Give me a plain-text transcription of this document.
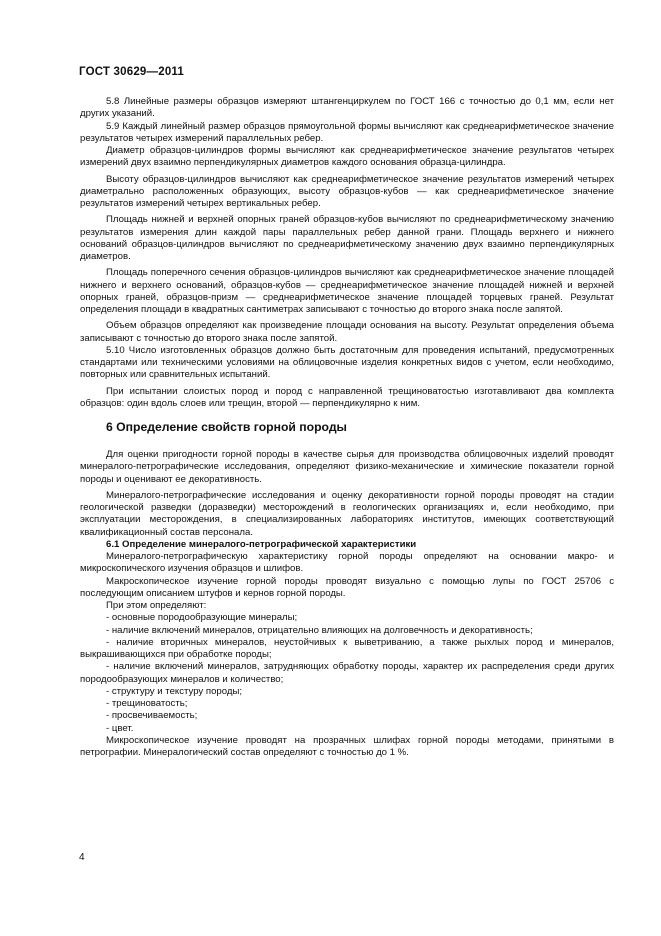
ГОСТ 30629—2011

5.8 Линейные размеры образцов измеряют штангенциркулем по ГОСТ 166 с точностью до 0,1 мм, если нет других указаний.

5.9 Каждый линейный размер образцов прямоугольной формы вычисляют как среднеарифметическое значение результатов четырех измерений параллельных ребер.

Диаметр образцов-цилиндров формы вычисляют как среднеарифметическое значение результатов четырех измерений двух взаимно перпендикулярных диаметров каждого основания образца-цилиндра.

Высоту образцов-цилиндров вычисляют как среднеарифметическое значение результатов измерений четырех диаметрально расположенных образующих, высоту образцов-кубов — как среднеарифметическое значение результатов измерений четырех вертикальных ребер.

Площадь нижней и верхней опорных граней образцов-кубов вычисляют по среднеарифметическому значению результатов измерения длин каждой пары параллельных ребер данной грани. Площадь верхнего и нижнего оснований образцов-цилиндров вычисляют по среднеарифметическому значению двух взаимно перпендикулярных диаметров.

Площадь поперечного сечения образцов-цилиндров вычисляют как среднеарифметическое значение площадей нижнего и верхнего оснований, образцов-кубов — среднеарифметическое значение площадей нижней и верхней опорных граней, образцов-призм — среднеарифметическое значение площадей торцевых граней. Результат определения площади в квадратных сантиметрах записывают с точностью до второго знака после запятой.

Объем образцов определяют как произведение площади основания на высоту. Результат определения объема записывают с точностью до второго знака после запятой.

5.10 Число изготовленных образцов должно быть достаточным для проведения испытаний, предусмотренных стандартами или техническими условиями на облицовочные изделия конкретных видов с учетом, если необходимо, повторных или сравнительных испытаний.

При испытании слоистых пород и пород с направленной трещиноватостью изготавливают два комплекта образцов: один вдоль слоев или трещин, второй — перпендикулярно к ним.

6 Определение свойств горной породы

Для оценки пригодности горной породы в качестве сырья для производства облицовочных изделий проводят минералого-петрографические исследования, определяют физико-механические и химические показатели горной породы и оценивают ее декоративность.

Минералого-петрографические исследования и оценку декоративности горной породы проводят на стадии геологической разведки (доразведки) месторождений в геологических организациях и, если необходимо, при эксплуатации месторождения, в специализированных лабораториях институтов, имеющих соответствующий квалификационный состав персонала.

6.1 Определение минералого-петрографической характеристики

Минералого-петрографическую характеристику горной породы определяют на основании макро- и микроскопического изучения образцов и шлифов.

Макроскопическое изучение горной породы проводят визуально с помощью лупы по ГОСТ 25706 с последующим описанием штуфов и кернов горной породы.

При этом определяют:

- основные породообразующие минералы;

- наличие включений минералов, отрицательно влияющих на долговечность и декоративность;

- наличие вторичных минералов, неустойчивых к выветриванию, а также рыхлых пород и минералов, выкрашивающихся при обработке породы;

- наличие включений минералов, затрудняющих обработку породы, характер их распределения среди других породообразующих минералов и количество;

- структуру и текстуру породы;

- трещиноватость;

- просвечиваемость;

- цвет.

Микроскопическое изучение проводят на прозрачных шлифах горной породы методами, принятыми в петрографии. Минералогический состав определяют с точностью до 1 %.

4
